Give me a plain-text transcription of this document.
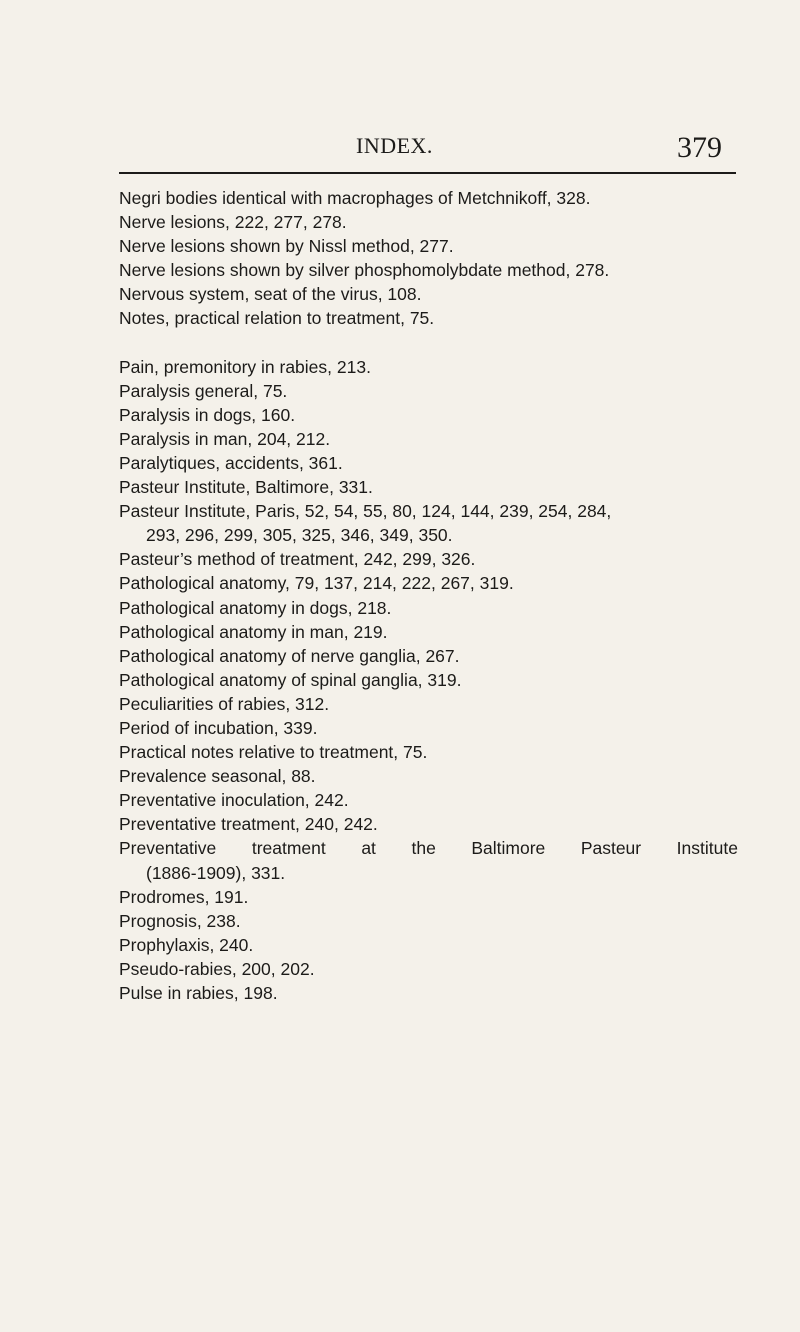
INDEX.	379
Negri bodies identical with macrophages of Metchnikoff, 328.
Nerve lesions, 222, 277, 278.
Nerve lesions shown by Nissl method, 277.
Nerve lesions shown by silver phosphomolybdate method, 278.
Nervous system, seat of the virus, 108.
Notes, practical relation to treatment, 75.
Pain, premonitory in rabies, 213.
Paralysis general, 75.
Paralysis in dogs, 160.
Paralysis in man, 204, 212.
Paralytiques, accidents, 361.
Pasteur Institute, Baltimore, 331.
Pasteur Institute, Paris, 52, 54, 55, 80, 124, 144, 239, 254, 284,
293, 296, 299, 305, 325, 346, 349, 350.
Pasteur’s method of treatment, 242, 299, 326.
Pathological anatomy, 79, 137, 214, 222, 267, 319.
Pathological anatomy in dogs, 218.
Pathological anatomy in man, 219.
Pathological anatomy of nerve ganglia, 267.
Pathological anatomy of spinal ganglia, 319.
Peculiarities of rabies, 312.
Period of incubation, 339.
Practical notes relative to treatment, 75.
Prevalence seasonal, 88.
Preventative inoculation, 242.
Preventative treatment, 240, 242.
Preventative treatment at the Baltimore Pasteur Institute
(1886-1909), 331.
Prodromes, 191.
Prognosis, 238.
Prophylaxis, 240.
Pseudo-rabies, 200, 202.
Pulse in rabies, 198.
